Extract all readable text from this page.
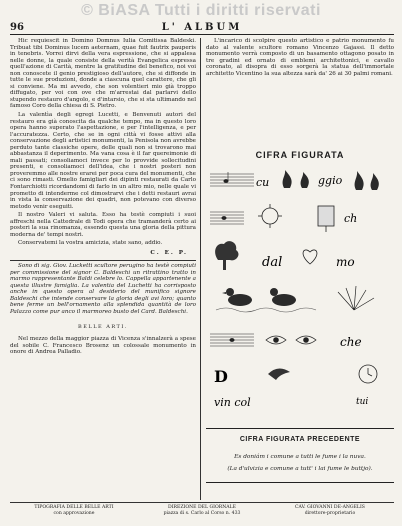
© BiASA Tutti i diritti riservati
96	L' ALBUM

Hic requiescit in Domino Domnus Iulia Comitissa Baldeski. Tribuat tibi Dominus lucem aeternam, quae fuit fautrix pauperis in tenebris. Vorrei dirvi della vera espressione, che si appalesa nelle donne, la quale consiste della verità Evangelica espressa quell'azione di Carità, mentre la gratitudine del benefico, noi voi non conoscete il genio prestigioso dell'autore, che si diffonde in tutte le sue produzioni, donde a ciascuna quel carattere, che gli si conviene. Ma mi avvedo, che son volentieri mio già troppo diffugato, per voi con ove che m'arrestai dal parlarvi dello stupendo restauro d'angolo, e d'intarsio, che si sta ultimando nel famoso Coro della chiesa di S. Pietro.

La valentìa degli egregi Lucetti, e Benvenuti autori del restauro era già conoscita da qualche tempo, ma in questo loro opera hanno superato l'aspettazione, e per l'intelligenza, e per l'accuratezza. Certo, che se in ogni città vi fosse attivi alla conservazione degli artistici monumenti, la Penisola non avrebbe perduto tante classiche opere, delle quali non si trovarono mai abbastanza il deperimento. Ma vana cosa è il far quereimonie di mali passati; consoliamoci invece per lo provvide sollecitudini presenti, e consoliamoci dell'idea, che i nostri posteri non proveremmo alle nostre erarei per poca cura del monumenti, che ci sono rimasti. Omelio famigliari dei dipinti restaurati da Carlo Fontarchiotti ricordandomi di farlo in un altro mio, nelle quale vi prometto di intenderme col dimostrarvi che i detti restauri avrai in vista la conservazione dei quadri, non potevano con diverso metodo venir eseguiti.

Il nostro Valeri vi saluta. Esso ha testè compiuti i suoi affreschi nella Cattedrale di Todi opera che tramanderà certo ai posteri la sua rinomanza, essendo questa una gloria della pittura moderna de' tempi nostri.

Conservatemi la vostra amicizia, state sano, addio.

C. E. P.

Sono di sig. Giov. Lucketti scultore perugino ha testè compiuti per commissione del signor C. Baldeschi un ritrattino tratto in marmo rappresentante Baldi celebre lo. Cappella appartenente a questa illustre famiglia. La valentia del Luchetti ha corrisposto anche in questo opera al desiderio del munifico signore Baldeschi che intende conservare la gloria degli avi loro; quanto bene ferme un bell'ornamento alla splendida quantità de loro Palazzo come pur anco il marmoreo busto del Card. Baldeschi.

BELLE ARTI.

Nel mezzo della maggior piazza di Vicenza s'innalzerà a spese del sobile C. Francesco Brosenz un colossale monumento in onore di Andrea Palladio.

L'incarico di scolpire questo artistico e patrio monumento fu dato al valente scultore romano Vincenzo Gajassi. Il detto monumento verrà composto di un basamento ottagono posato in tre gradini ed ornato di emblemi architettonici, e cavallo coronato, al disopra di esso sorgerà la statua dell'immortale architetto Vicentino la sua altezza sarà da' 26 ai 30 palmi romani.

CIFRA FIGURATA
cu	ggio
ch
dal	mo
che
D
vin col	tui
CIFRA FIGURATA PRECEDENTE
Es doniám i comune a tutti le fume i la nuva.
(La d'ulvizia e comune a tutt' i lai fume le buttjo).
TIPOGRAFIA DELLE BELLE ARTI
con approvazione
DIREZIONE DEL GIORNALE
piazza di s. Carlo al Corso n. 433
CAV. GIOVANNI DE-ANGELIS
direttore-proprietario
